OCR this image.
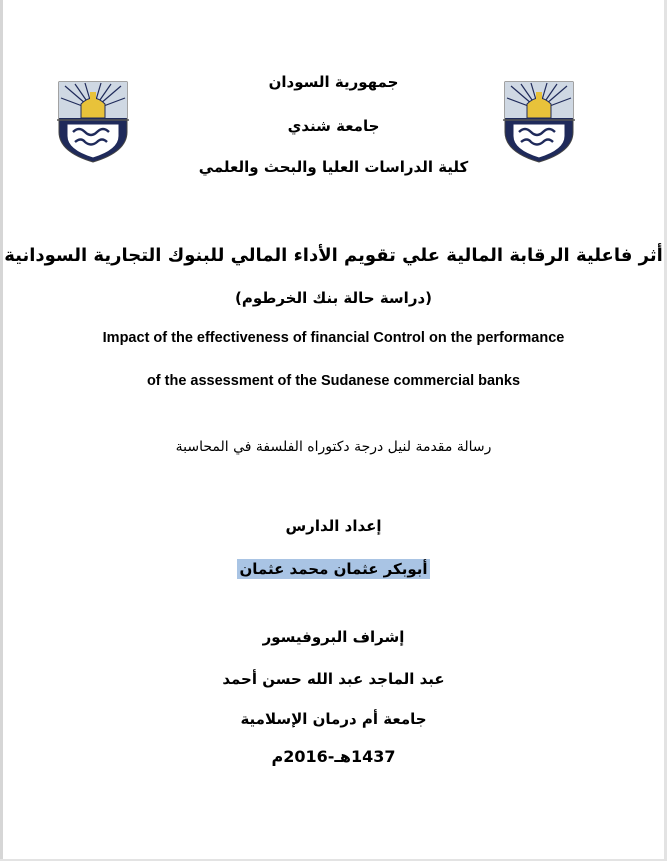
جمهورية السودان
جامعة شندي
كلية الدراسات العليا والبحث والعلمي
أثر فاعلية الرقابة المالية علي تقويم الأداء المالي للبنوك التجارية السودانية
(دراسة حالة بنك الخرطوم)
Impact of the effectiveness of financial Control on the performance
of the assessment of the Sudanese commercial banks
رسالة مقدمة لنيل درجة دكتوراه الفلسفة في المحاسبة
إعداد الدارس
أبوبكر عثمان محمد عثمان
إشراف البروفيسور
عبد الماجد عبد الله حسن أحمد
جامعة أم درمان الإسلامية
1437هـ-2016م
